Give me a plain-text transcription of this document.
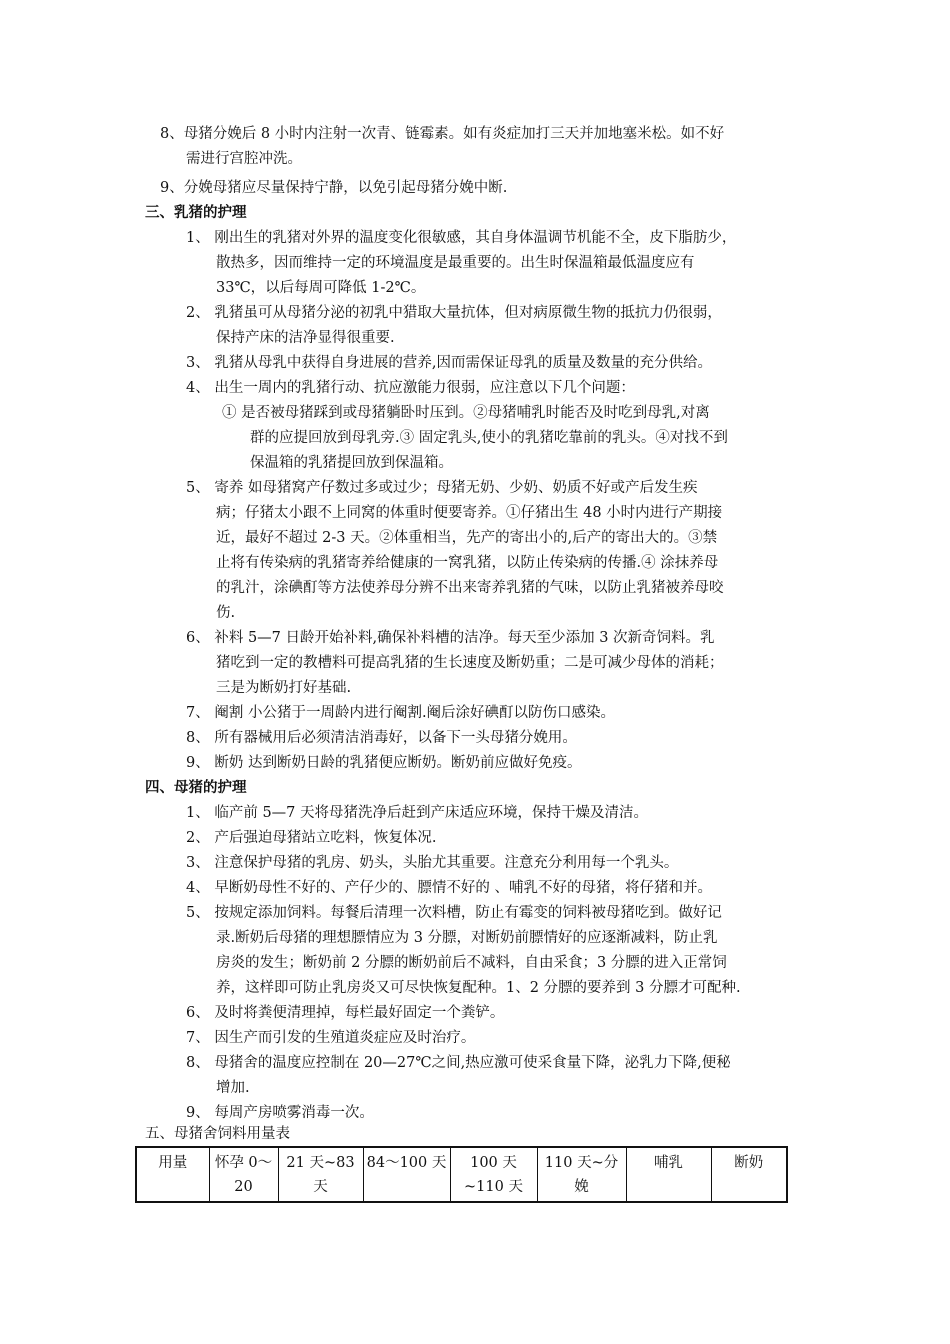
8、母猪分娩后 8 小时内注射一次青、链霉素。如有炎症加打三天并加地塞米松。如不好
需进行宫腔冲洗。
9、分娩母猪应尽量保持宁静，以免引起母猪分娩中断.
三、乳猪的护理
1、 刚出生的乳猪对外界的温度变化很敏感，其自身体温调节机能不全，皮下脂肪少，
散热多，因而维持一定的环境温度是最重要的。出生时保温箱最低温度应有
33℃，以后每周可降低 1-2℃。
2、 乳猪虽可从母猪分泌的初乳中猎取大量抗体，但对病原微生物的抵抗力仍很弱，
保持产床的洁净显得很重要.
3、 乳猪从母乳中获得自身进展的营养,因而需保证母乳的质量及数量的充分供给。
4、 出生一周内的乳猪行动、抗应激能力很弱，应注意以下几个问题：
① 是否被母猪踩到或母猪躺卧时压到。②母猪哺乳时能否及时吃到母乳,对离
群的应提回放到母乳旁.③ 固定乳头,使小的乳猪吃靠前的乳头。④对找不到
保温箱的乳猪提回放到保温箱。
5、 寄养 如母猪窝产仔数过多或过少；母猪无奶、少奶、奶质不好或产后发生疾
病；仔猪太小跟不上同窝的体重时便要寄养。①仔猪出生 48 小时内进行产期接
近，最好不超过 2-3 天。②体重相当，先产的寄出小的,后产的寄出大的。③禁
止将有传染病的乳猪寄养给健康的一窝乳猪，以防止传染病的传播.④ 涂抹养母
的乳汁，涂碘酊等方法使养母分辨不出来寄养乳猪的气味，以防止乳猪被养母咬
伤.
6、 补料 5—7 日龄开始补料,确保补料槽的洁净。每天至少添加 3 次新奇饲料。乳
猪吃到一定的教槽料可提高乳猪的生长速度及断奶重；二是可减少母体的消耗；
三是为断奶打好基础.
7、 阉割 小公猪于一周龄内进行阉割.阉后涂好碘酊以防伤口感染。
8、 所有器械用后必须清洁消毒好，以备下一头母猪分娩用。
9、 断奶 达到断奶日龄的乳猪便应断奶。断奶前应做好免疫。
四、母猪的护理
1、 临产前 5—7 天将母猪洗净后赶到产床适应环境，保持干燥及清洁。
2、 产后强迫母猪站立吃料，恢复体况.
3、 注意保护母猪的乳房、奶头，头胎尤其重要。注意充分利用每一个乳头。
4、 早断奶母性不好的、产仔少的、膘情不好的 、哺乳不好的母猪，将仔猪和并。
5、 按规定添加饲料。每餐后清理一次料槽，防止有霉变的饲料被母猪吃到。做好记
录.断奶后母猪的理想膘情应为 3 分膘，对断奶前膘情好的应逐渐减料，防止乳
房炎的发生；断奶前 2 分膘的断奶前后不减料，自由采食；3 分膘的进入正常饲
养，这样即可防止乳房炎又可尽快恢复配种。1、2 分膘的要养到 3 分膘才可配种.
6、 及时将粪便清理掉，每栏最好固定一个粪铲。
7、 因生产而引发的生殖道炎症应及时治疗。
8、 母猪舍的温度应控制在 20—27℃之间,热应激可使采食量下降，泌乳力下降,便秘
增加.
9、 每周产房喷雾消毒一次。
五、母猪舍饲料用量表
用量	怀孕 0～20	21 天~83 天	84～100 天	100 天~110 天	110 天~分娩	哺乳	断奶
